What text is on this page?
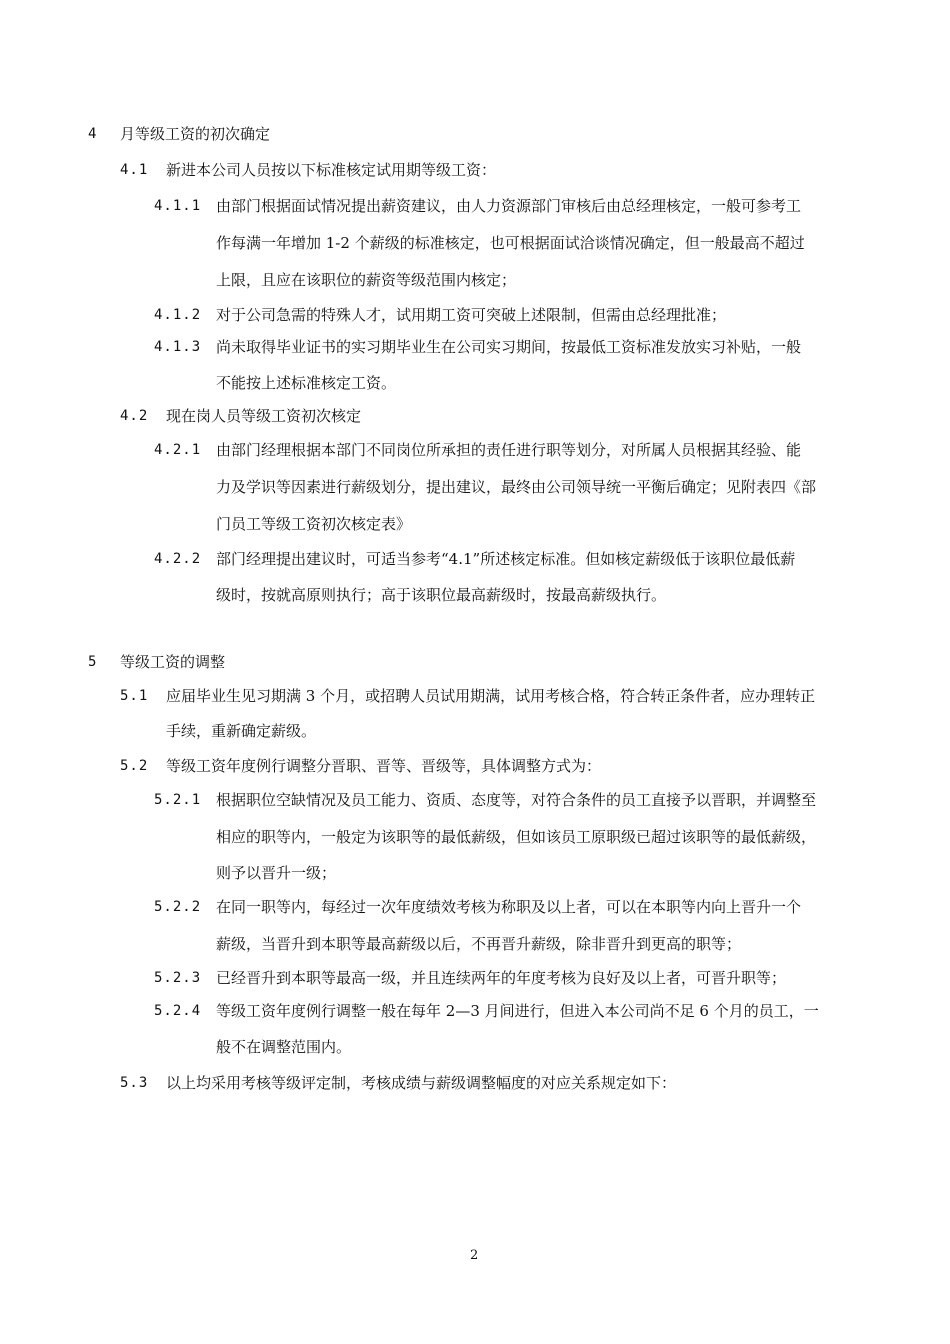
4 月等级工资的初次确定
4.1 新进本公司人员按以下标准核定试用期等级工资：
4.1.1 由部门根据面试情况提出薪资建议，由人力资源部门审核后由总经理核定，一般可参考工
作每满一年增加 1-2 个薪级的标准核定，也可根据面试洽谈情况确定，但一般最高不超过
上限，且应在该职位的薪资等级范围内核定；
4.1.2 对于公司急需的特殊人才，试用期工资可突破上述限制，但需由总经理批准；
4.1.3 尚未取得毕业证书的实习期毕业生在公司实习期间，按最低工资标准发放实习补贴，一般
不能按上述标准核定工资。
4.2 现在岗人员等级工资初次核定
4.2.1 由部门经理根据本部门不同岗位所承担的责任进行职等划分，对所属人员根据其经验、能
力及学识等因素进行薪级划分，提出建议，最终由公司领导统一平衡后确定；见附表四《部
门员工等级工资初次核定表》
4.2.2 部门经理提出建议时，可适当参考“4.1”所述核定标准。但如核定薪级低于该职位最低薪
级时，按就高原则执行；高于该职位最高薪级时，按最高薪级执行。
5 等级工资的调整
5.1 应届毕业生见习期满 3 个月，或招聘人员试用期满，试用考核合格，符合转正条件者，应办理转正
手续，重新确定薪级。
5.2 等级工资年度例行调整分晋职、晋等、晋级等，具体调整方式为：
5.2.1 根据职位空缺情况及员工能力、资质、态度等，对符合条件的员工直接予以晋职，并调整至
相应的职等内，一般定为该职等的最低薪级，但如该员工原职级已超过该职等的最低薪级，
则予以晋升一级；
5.2.2 在同一职等内，每经过一次年度绩效考核为称职及以上者，可以在本职等内向上晋升一个
薪级，当晋升到本职等最高薪级以后，不再晋升薪级，除非晋升到更高的职等；
5.2.3 已经晋升到本职等最高一级，并且连续两年的年度考核为良好及以上者，可晋升职等；
5.2.4 等级工资年度例行调整一般在每年 2—3 月间进行，但进入本公司尚不足 6 个月的员工，一
般不在调整范围内。
5.3 以上均采用考核等级评定制，考核成绩与薪级调整幅度的对应关系规定如下：
2
